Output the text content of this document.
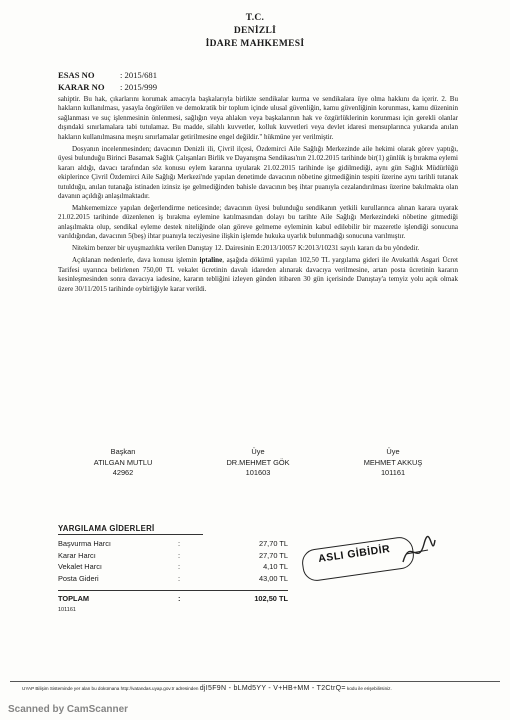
T.C.
DENİZLİ
İDARE MAHKEMESİ
ESAS NO	: 2015/681
KARAR NO	: 2015/999

sahiptir. Bu hak, çıkarlarını korumak amacıyla başkalarıyla birlikte sendikalar kurma ve sendikalara üye olma hakkını da içerir. 2. Bu hakların kullanılması, yasayla öngörülen ve demokratik bir toplum içinde ulusal güvenliğin, kamu güvenliğinin korunması, kamu düzeninin sağlanması ve suç işlenmesinin önlenmesi, sağlığın veya ahlakın veya başkalarının hak ve özgürlüklerinin korunması için gerekli olanlar dışındaki sınırlamalara tabi tutulamaz. Bu madde, silahlı kuvvetler, kolluk kuvvetleri veya devlet idaresi mensuplarınca yukarıda anılan hakların kullanılmasına meşru sınırlamalar getirilmesine engel değildir." hükmüne yer verilmiştir.

Dosyanın incelenmesinden; davacının Denizli ili, Çivril ilçesi, Özdemirci Aile Sağlığı Merkezinde aile hekimi olarak görev yaptığı, üyesi bulunduğu Birinci Basamak Sağlık Çalışanları Birlik ve Dayanışma Sendikası'nın 21.02.2015 tarihinde bir(1) günlük iş bırakma eylemi kararı aldığı, davacı tarafından söz konusu eylem kararına uyularak 21.02.2015 tarihinde işe gidilmediği, aynı gün Sağlık Müdürlüğü ekiplerince Çivril Özdemirci Aile Sağlığı Merkezi'nde yapılan denetimde davacının nöbetine gitmediğinin tespiti üzerine aynı tarihli tutanak tutulduğu, anılan tutanağa istinaden izinsiz işe gelmediğinden bahisle davacının beş ihtar puanıyla cezalandırılması üzerine bakılmakta olan davanın açıldığı anlaşılmaktadır.

Mahkememizce yapılan değerlendirme neticesinde; davacının üyesi bulunduğu sendikanın yetkili kurullarınca alınan karara uyarak 21.02.2015 tarihinde düzenlenen iş bırakma eylemine katılmasından dolayı bu tarihte Aile Sağlığı Merkezindeki nöbetine gitmediği anlaşılmakta olup, sendikal eyleme destek niteliğinde olan göreve gelmeme eyleminin kabul edilebilir bir mazeretle işlendiği sonucuna varıldığından, davacının 5(beş) ihtar puanıyla tecziyesine ilişkin işlemde hukuka uyarlık bulunmadığı sonucuna varılmıştır.

Nitekim benzer bir uyuşmazlıkta verilen Danıştay 12. Dairesinin E:2013/10057 K:2013/10231 sayılı kararı da bu yöndedir.

Açıklanan nedenlerle, dava konusu işlemin iptaline, aşağıda dökümü yapılan 102,50 TL yargılama gideri ile Avukatlık Asgari Ücret Tarifesi uyarınca belirlenen 750,00 TL vekalet ücretinin davalı idareden alınarak davacıya verilmesine, artan posta ücretinin kararın kesinleşmesinden sonra davacıya iadesine, kararın tebliğini izleyen günden itibaren 30 gün içerisinde Danıştay'a temyiz yolu açık olmak üzere 30/11/2015 tarihinde oybirliğiyle karar verildi.

Başkan
ATILGAN MUTLU
42962
Üye
DR.MEHMET GÖK
101603
Üye
MEHMET AKKUŞ
101161
YARGILAMA GİDERLERİ
Başvurma Harcı	:	27,70 TL
Karar Harcı	:	27,70 TL
Vekalet Harcı	:	4,10 TL
Posta Gideri	:	43,00 TL
TOPLAM	:	102,50 TL
101161
ASLI GİBİDİR
UYAP Bilişim Sisteminde yer alan bu dokümana http://vatandas.uyap.gov.tr adresinden djI5F9N - bLMd5YY - V+HB+MM - T2CtrQ= kodu ile erişebilirsiniz.
Scanned by CamScanner
